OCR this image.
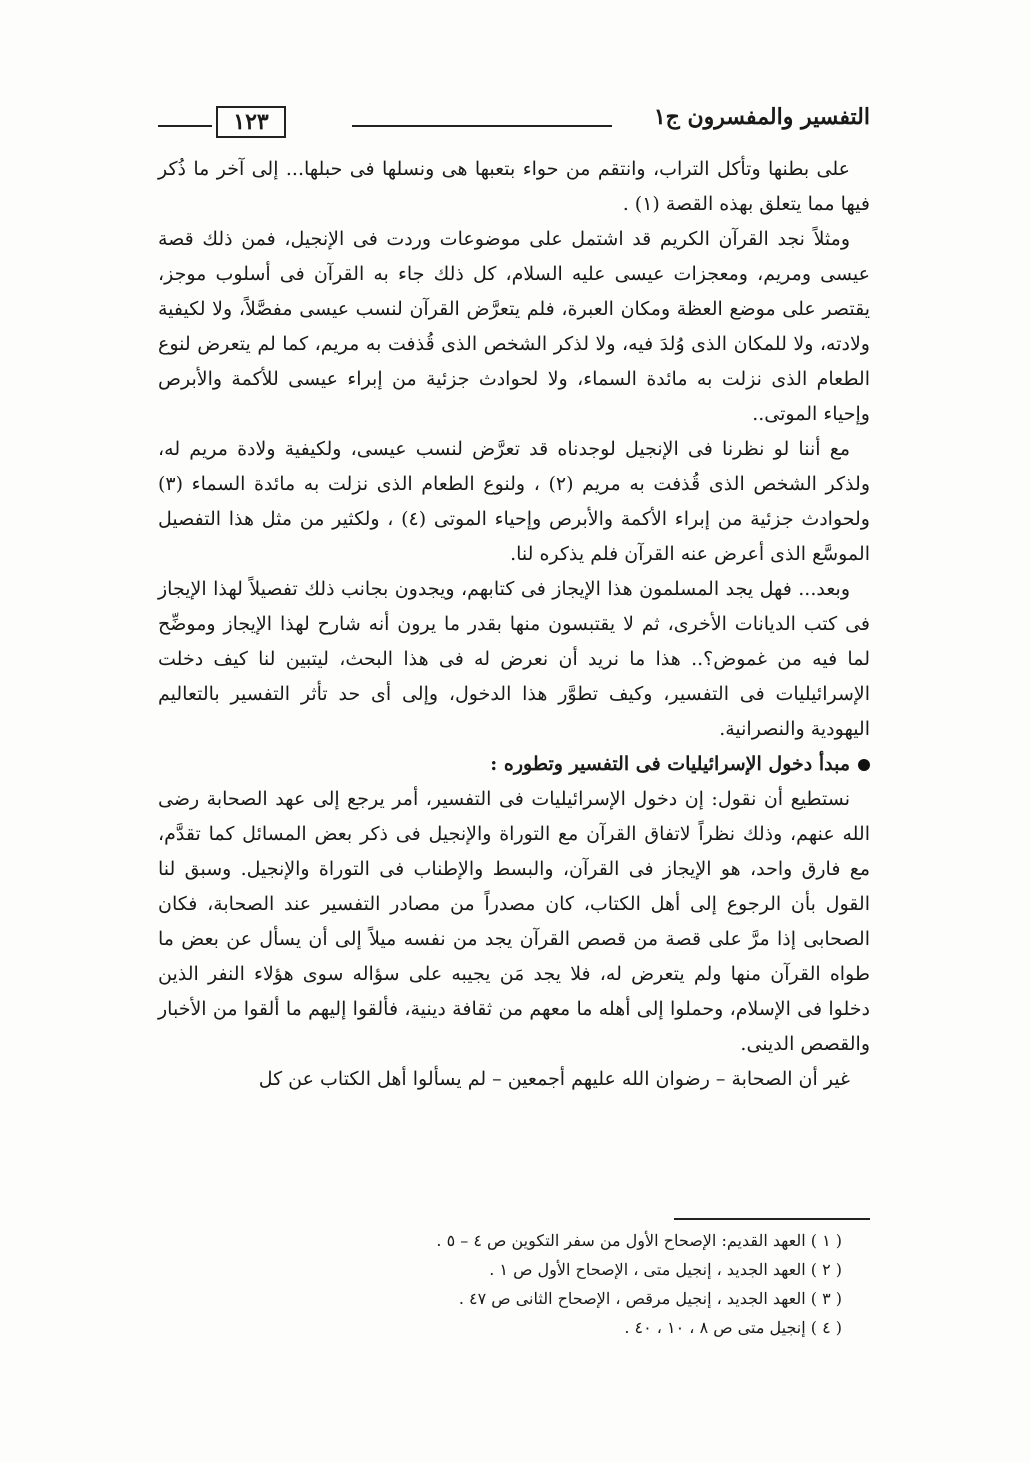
التفسير والمفسرون ج١
١٢٣

على بطنها وتأكل التراب، وانتقم من حواء بتعبها هى ونسلها فى حبلها... إلى آخر ما ذُكر فيها مما يتعلق بهذه القصة (١) .

ومثلاً نجد القرآن الكريم قد اشتمل على موضوعات وردت فى الإنجيل، فمن ذلك قصة عيسى ومريم، ومعجزات عيسى عليه السلام، كل ذلك جاء به القرآن فى أسلوب موجز، يقتصر على موضع العظة ومكان العبرة، فلم يتعرَّض القرآن لنسب عيسى مفصَّلاً، ولا لكيفية ولادته، ولا للمكان الذى وُلدَ فيه، ولا لذكر الشخص الذى قُذفت به مريم، كما لم يتعرض لنوع الطعام الذى نزلت به مائدة السماء، ولا لحوادث جزئية من إبراء عيسى للأكمة والأبرص وإحياء الموتى..

مع أننا لو نظرنا فى الإنجيل لوجدناه قد تعرَّض لنسب عيسى، ولكيفية ولادة مريم له، ولذكر الشخص الذى قُذفت به مريم (٢) ، ولنوع الطعام الذى نزلت به مائدة السماء (٣) ولحوادث جزئية من إبراء الأكمة والأبرص وإحياء الموتى (٤) ، ولكثير من مثل هذا التفصيل الموسَّع الذى أعرض عنه القرآن فلم يذكره لنا.

وبعد... فهل يجد المسلمون هذا الإيجاز فى كتابهم، ويجدون بجانب ذلك تفصيلاً لهذا الإيجاز فى كتب الديانات الأخرى، ثم لا يقتبسون منها بقدر ما يرون أنه شارح لهذا الإيجاز وموضِّح لما فيه من غموض؟.. هذا ما نريد أن نعرض له فى هذا البحث، ليتبين لنا كيف دخلت الإسرائيليات فى التفسير، وكيف تطوَّر هذا الدخول، وإلى أى حد تأثر التفسير بالتعاليم اليهودية والنصرانية.

مبدأ دخول الإسرائيليات فى التفسير وتطوره :

نستطيع أن نقول: إن دخول الإسرائيليات فى التفسير، أمر يرجع إلى عهد الصحابة رضى الله عنهم، وذلك نظراً لاتفاق القرآن مع التوراة والإنجيل فى ذكر بعض المسائل كما تقدَّم، مع فارق واحد، هو الإيجاز فى القرآن، والبسط والإطناب فى التوراة والإنجيل. وسبق لنا القول بأن الرجوع إلى أهل الكتاب، كان مصدراً من مصادر التفسير عند الصحابة، فكان الصحابى إذا مرَّ على قصة من قصص القرآن يجد من نفسه ميلاً إلى أن يسأل عن بعض ما طواه القرآن منها ولم يتعرض له، فلا يجد مَن يجيبه على سؤاله سوى هؤلاء النفر الذين دخلوا فى الإسلام، وحملوا إلى أهله ما معهم من ثقافة دينية، فألقوا إليهم ما ألقوا من الأخبار والقصص الدينى.

غير أن الصحابة – رضوان الله عليهم أجمعين – لم يسألوا أهل الكتاب عن كل

( ١ ) العهد القديم: الإصحاح الأول من سفر التكوين ص ٤ – ٥ .

( ٢ ) العهد الجديد ، إنجيل متى ، الإصحاح الأول ص ١ .

( ٣ ) العهد الجديد ، إنجيل مرقص ، الإصحاح الثانى ص ٤٧ .

( ٤ ) إنجيل متى ص ٨ ، ١٠ ، ٤٠ .
